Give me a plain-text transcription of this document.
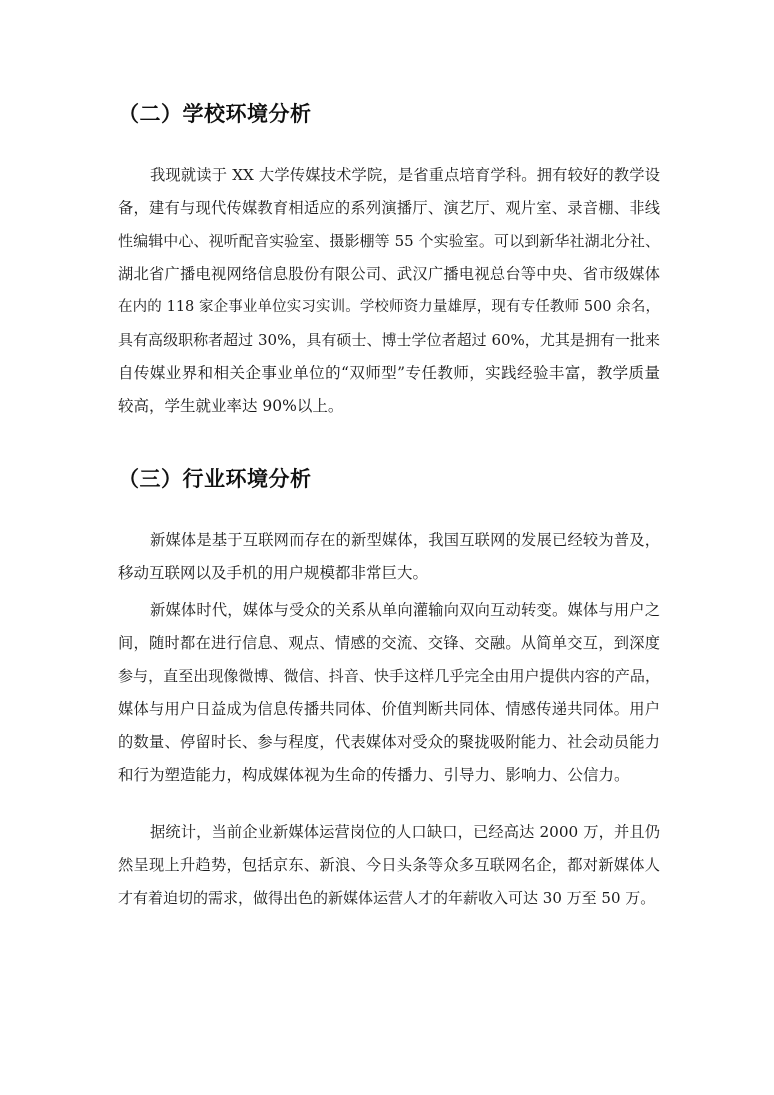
（二）学校环境分析
我现就读于 XX 大学传媒技术学院，是省重点培育学科。拥有较好的教学设
备，建有与现代传媒教育相适应的系列演播厅、演艺厅、观片室、录音棚、非线
性编辑中心、视听配音实验室、摄影棚等 55 个实验室。可以到新华社湖北分社、
湖北省广播电视网络信息股份有限公司、武汉广播电视总台等中央、省市级媒体
在内的 118 家企事业单位实习实训。学校师资力量雄厚，现有专任教师 500 余名，
具有高级职称者超过 30%，具有硕士、博士学位者超过 60%，尤其是拥有一批来
自传媒业界和相关企事业单位的“双师型”专任教师，实践经验丰富，教学质量
较高，学生就业率达 90%以上。
（三）行业环境分析
新媒体是基于互联网而存在的新型媒体，我国互联网的发展已经较为普及，
移动互联网以及手机的用户规模都非常巨大。
新媒体时代，媒体与受众的关系从单向灌输向双向互动转变。媒体与用户之
间，随时都在进行信息、观点、情感的交流、交锋、交融。从简单交互，到深度
参与，直至出现像微博、微信、抖音、快手这样几乎完全由用户提供内容的产品，
媒体与用户日益成为信息传播共同体、价值判断共同体、情感传递共同体。用户
的数量、停留时长、参与程度，代表媒体对受众的聚拢吸附能力、社会动员能力
和行为塑造能力，构成媒体视为生命的传播力、引导力、影响力、公信力。
据统计，当前企业新媒体运营岗位的人口缺口，已经高达 2000 万，并且仍
然呈现上升趋势，包括京东、新浪、今日头条等众多互联网名企，都对新媒体人
才有着迫切的需求，做得出色的新媒体运营人才的年薪收入可达 30 万至 50 万。
